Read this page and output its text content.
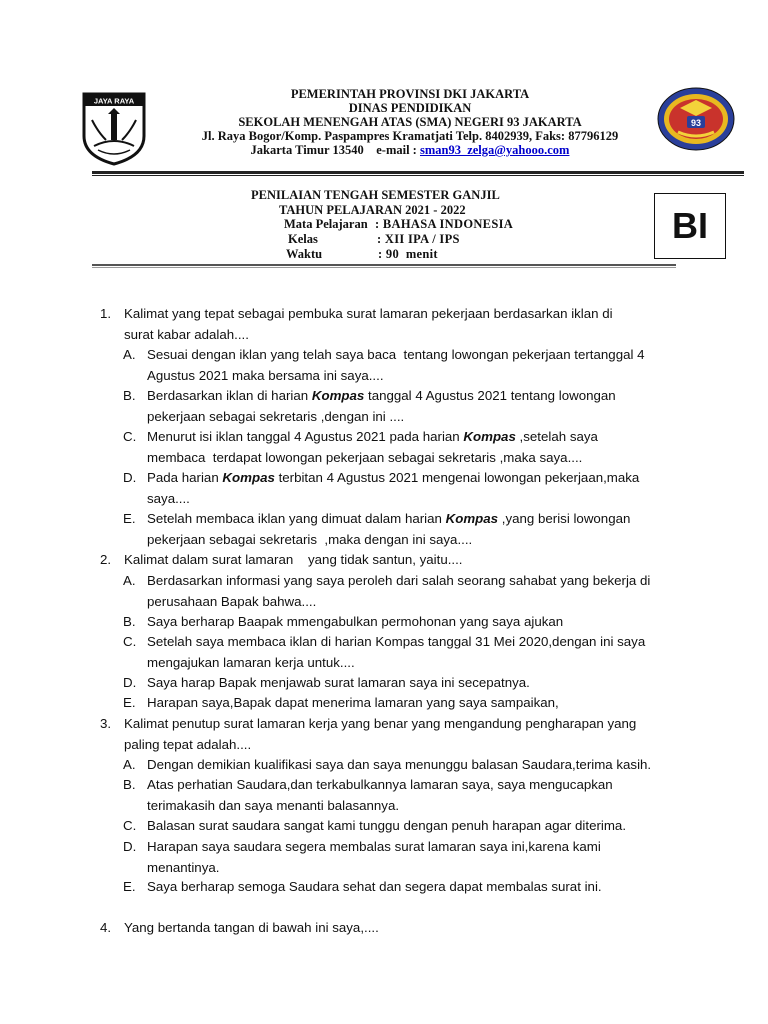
JAYA RAYA
93
PEMERINTAH PROVINSI DKI JAKARTA
DINAS PENDIDIKAN
SEKOLAH MENENGAH ATAS (SMA) NEGERI 93 JAKARTA
Jl. Raya Bogor/Komp. Paspampres Kramatjati Telp. 8402939, Faks: 87796129
Jakarta Timur 13540    e-mail : sman93_zelga@yahooo.com
PENILAIAN TENGAH SEMESTER GANJIL
TAHUN PELAJARAN 2021 - 2022
Mata Pelajaran : BAHASA INDONESIA
Kelas	: XII IPA / IPS
Waktu	: 90  menit
BI
1. Kalimat yang tepat sebagai pembuka surat lamaran pekerjaan berdasarkan iklan di
surat kabar adalah....
A. Sesuai dengan iklan yang telah saya baca  tentang lowongan pekerjaan tertanggal 4
Agustus 2021 maka bersama ini saya....
B. Berdasarkan iklan di harian Kompas tanggal 4 Agustus 2021 tentang lowongan
pekerjaan sebagai sekretaris ,dengan ini ....
C. Menurut isi iklan tanggal 4 Agustus 2021 pada harian Kompas ,setelah saya
membaca  terdapat lowongan pekerjaan sebagai sekretaris ,maka saya....
D. Pada harian Kompas terbitan 4 Agustus 2021 mengenai lowongan pekerjaan,maka
saya....
E. Setelah membaca iklan yang dimuat dalam harian Kompas ,yang berisi lowongan
pekerjaan sebagai sekretaris  ,maka dengan ini saya....
2. Kalimat dalam surat lamaran    yang tidak santun, yaitu....
A. Berdasarkan informasi yang saya peroleh dari salah seorang sahabat yang bekerja di
perusahaan Bapak bahwa....
B. Saya berharap Baapak mmengabulkan permohonan yang saya ajukan
C. Setelah saya membaca iklan di harian Kompas tanggal 31 Mei 2020,dengan ini saya
mengajukan lamaran kerja untuk....
D. Saya harap Bapak menjawab surat lamaran saya ini secepatnya.
E. Harapan saya,Bapak dapat menerima lamaran yang saya sampaikan,
3. Kalimat penutup surat lamaran kerja yang benar yang mengandung pengharapan yang
paling tepat adalah....
A. Dengan demikian kualifikasi saya dan saya menunggu balasan Saudara,terima kasih.
B. Atas perhatian Saudara,dan terkabulkannya lamaran saya, saya mengucapkan
terimakasih dan saya menanti balasannya.
C. Balasan surat saudara sangat kami tunggu dengan penuh harapan agar diterima.
D. Harapan saya saudara segera membalas surat lamaran saya ini,karena kami
menantinya.
E. Saya berharap semoga Saudara sehat dan segera dapat membalas surat ini.
4. Yang bertanda tangan di bawah ini saya,....
